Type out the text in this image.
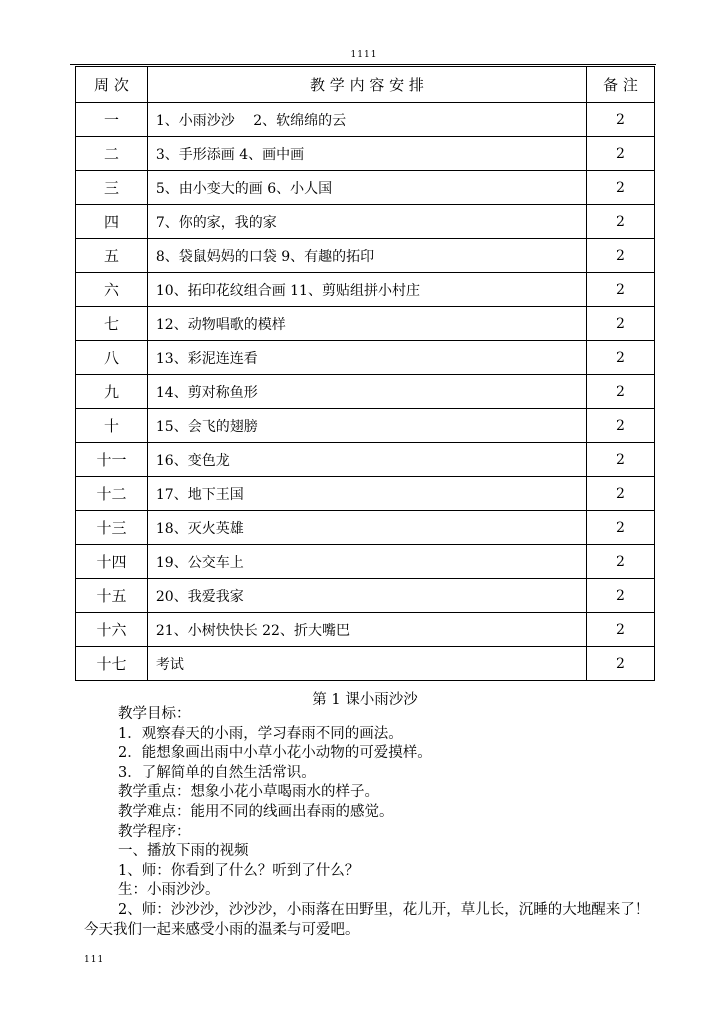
1111
周 次	教 学 内 容 安 排	备 注
一	1、小雨沙沙　 2、软绵绵的云	2
二	3、手形添画 4、画中画	2
三	5、由小变大的画 6、小人国	2
四	7、你的家，我的家	2
五	8、袋鼠妈妈的口袋 9、有趣的拓印	2
六	10、拓印花纹组合画 11、剪贴组拼小村庄	2
七	12、动物唱歌的模样	2
八	13、彩泥连连看	2
九	14、剪对称鱼形	2
十	15、会飞的翅膀	2
十一	16、变色龙	2
十二	17、地下王国	2
十三	18、灭火英雄	2
十四	19、公交车上	2
十五	20、我爱我家	2
十六	21、小树快快长 22、折大嘴巴	2
十七	考试	2
第 1 课小雨沙沙

教学目标：

1．观察春天的小雨，学习春雨不同的画法。

2．能想象画出雨中小草小花小动物的可爱摸样。

3．了解简单的自然生活常识。

教学重点：想象小花小草喝雨水的样子。

教学难点：能用不同的线画出春雨的感觉。

教学程序：

一、播放下雨的视频

1、师：你看到了什么？听到了什么？

生：小雨沙沙。

2、师：沙沙沙，沙沙沙，小雨落在田野里，花儿开，草儿长，沉睡的大地醒来了！今天我们一起来感受小雨的温柔与可爱吧。

111
